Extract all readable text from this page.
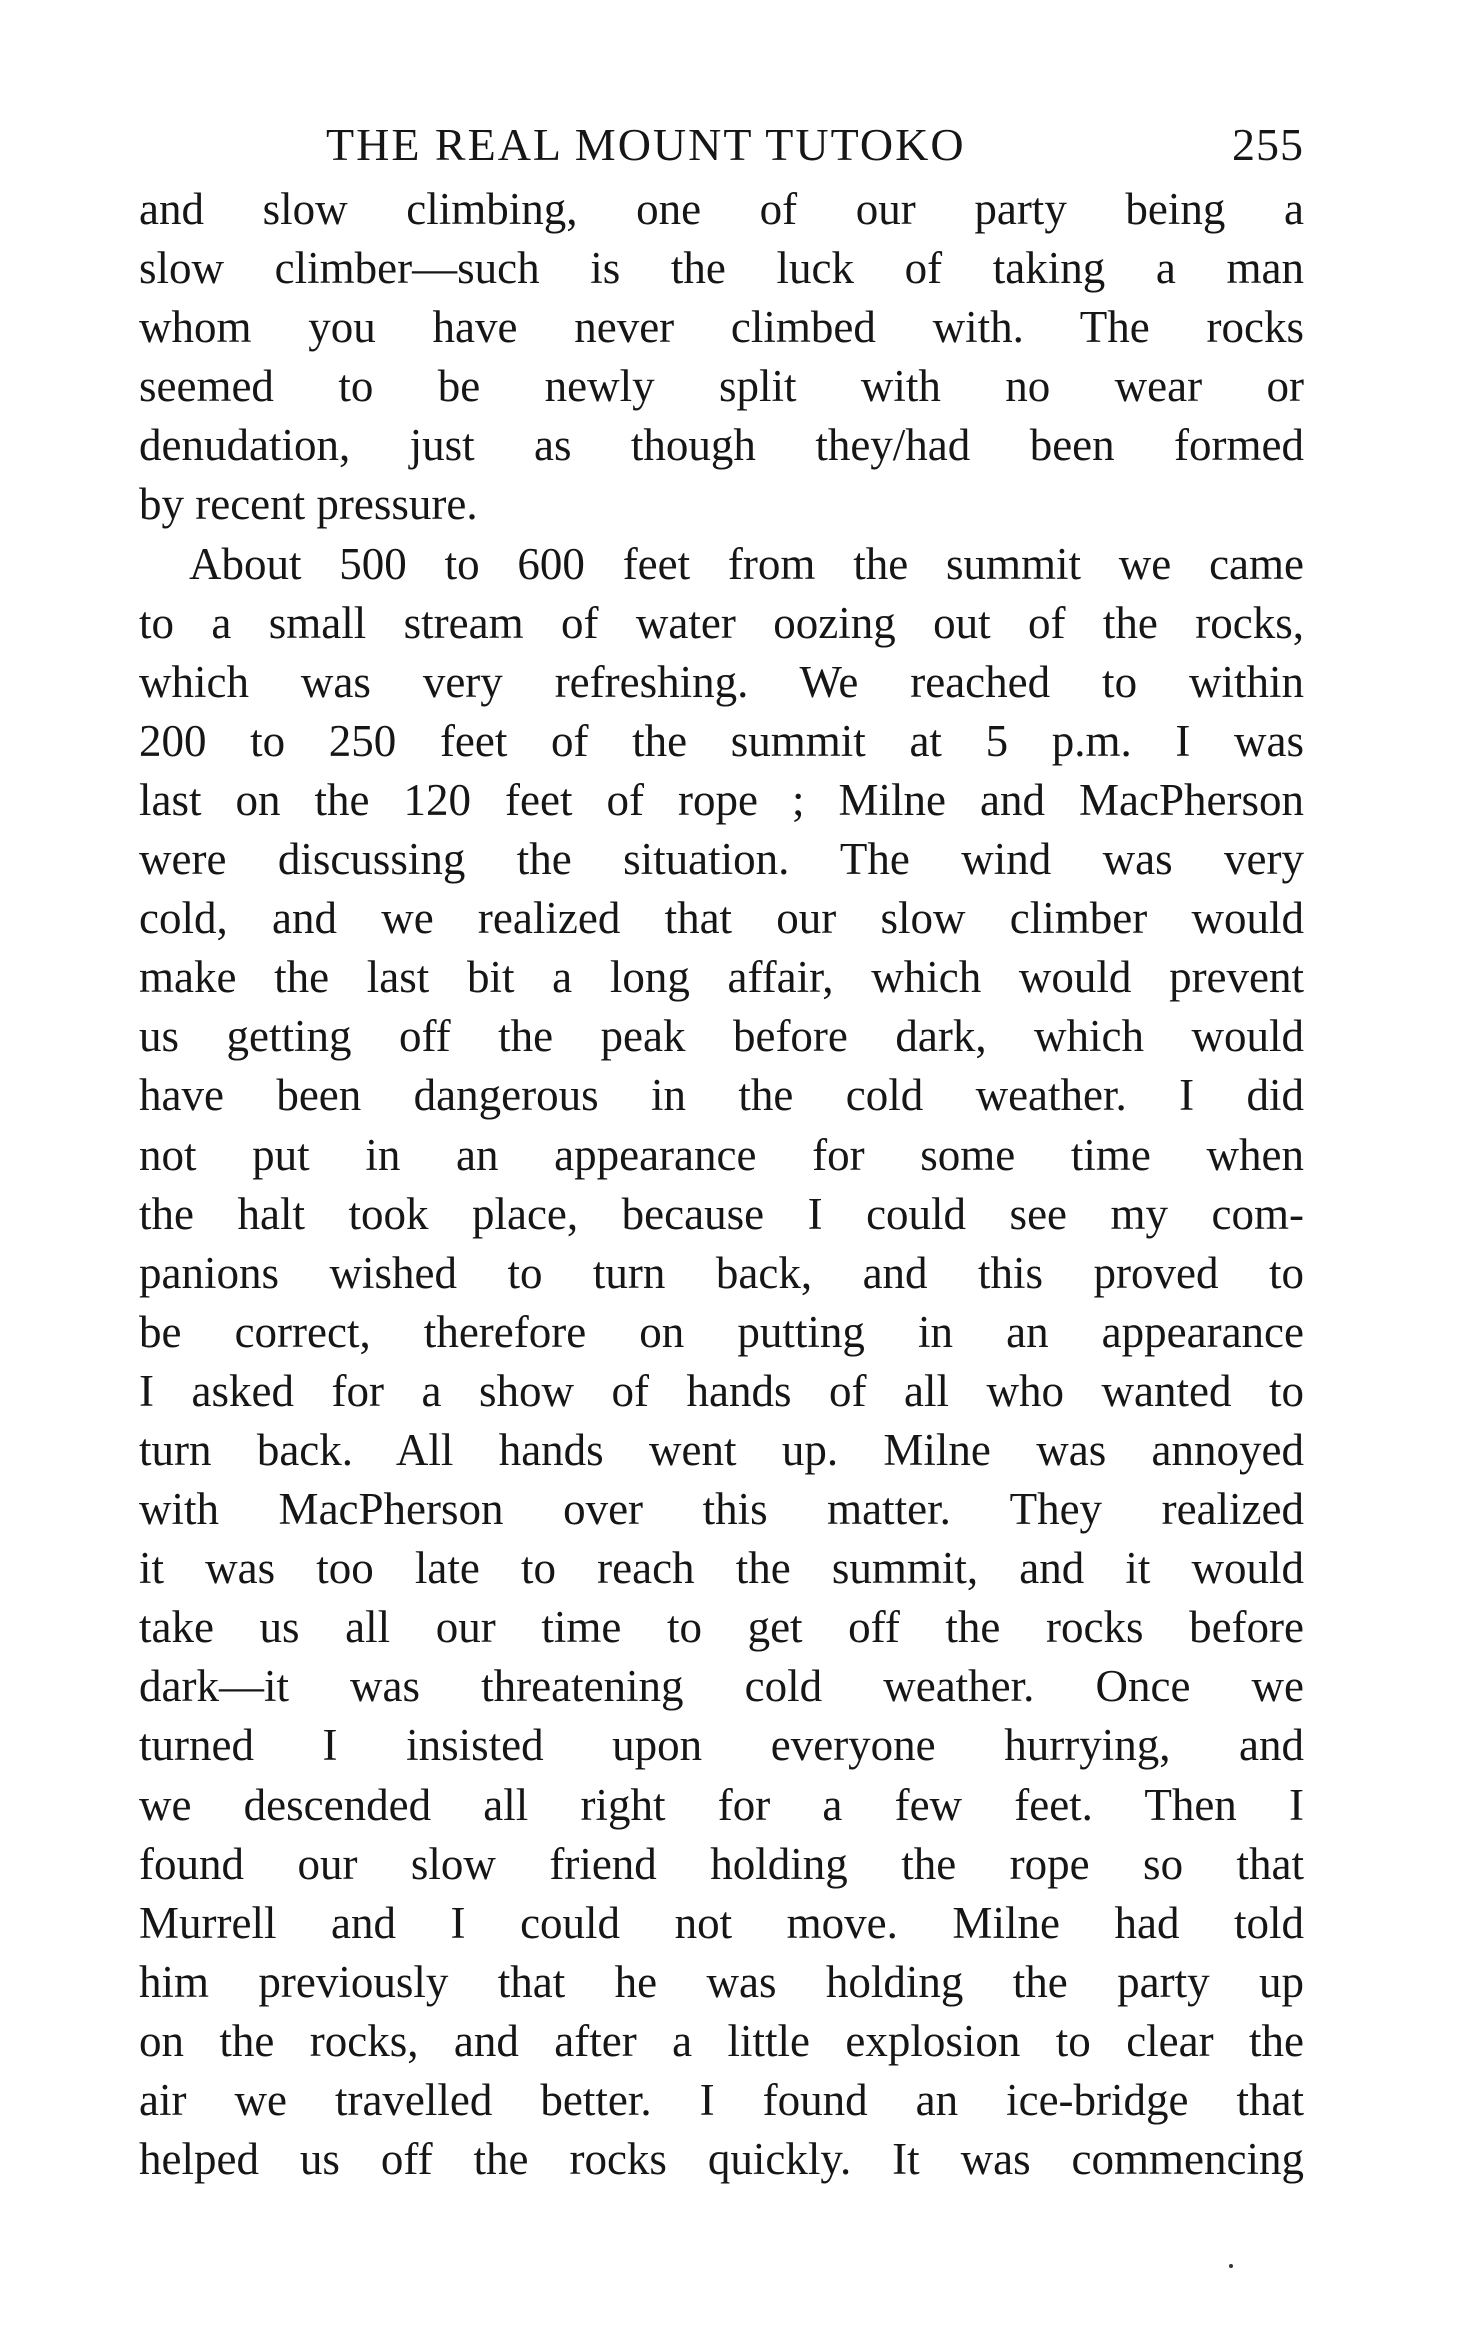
THE REAL MOUNT TUTOKO	255
and slow climbing, one of our party being a
slow climber—such is the luck of taking a man
whom you have never climbed with. The rocks
seemed to be newly split with no wear or
denudation, just as though they/had been formed
by recent pressure.
About 500 to 600 feet from the summit we came
to a small stream of water oozing out of the rocks,
which was very refreshing. We reached to within
200 to 250 feet of the summit at 5 p.m. I was
last on the 120 feet of rope ; Milne and MacPherson
were discussing the situation. The wind was very
cold, and we realized that our slow climber would
make the last bit a long affair, which would prevent
us getting off the peak before dark, which would
have been dangerous in the cold weather. I did
not put in an appearance for some time when
the halt took place, because I could see my com-
panions wished to turn back, and this proved to
be correct, therefore on putting in an appearance
I asked for a show of hands of all who wanted to
turn back. All hands went up. Milne was annoyed
with MacPherson over this matter. They realized
it was too late to reach the summit, and it would
take us all our time to get off the rocks before
dark—it was threatening cold weather. Once we
turned I insisted upon everyone hurrying, and
we descended all right for a few feet. Then I
found our slow friend holding the rope so that
Murrell and I could not move. Milne had told
him previously that he was holding the party up
on the rocks, and after a little explosion to clear the
air we travelled better. I found an ice-bridge that
helped us off the rocks quickly. It was commencing
